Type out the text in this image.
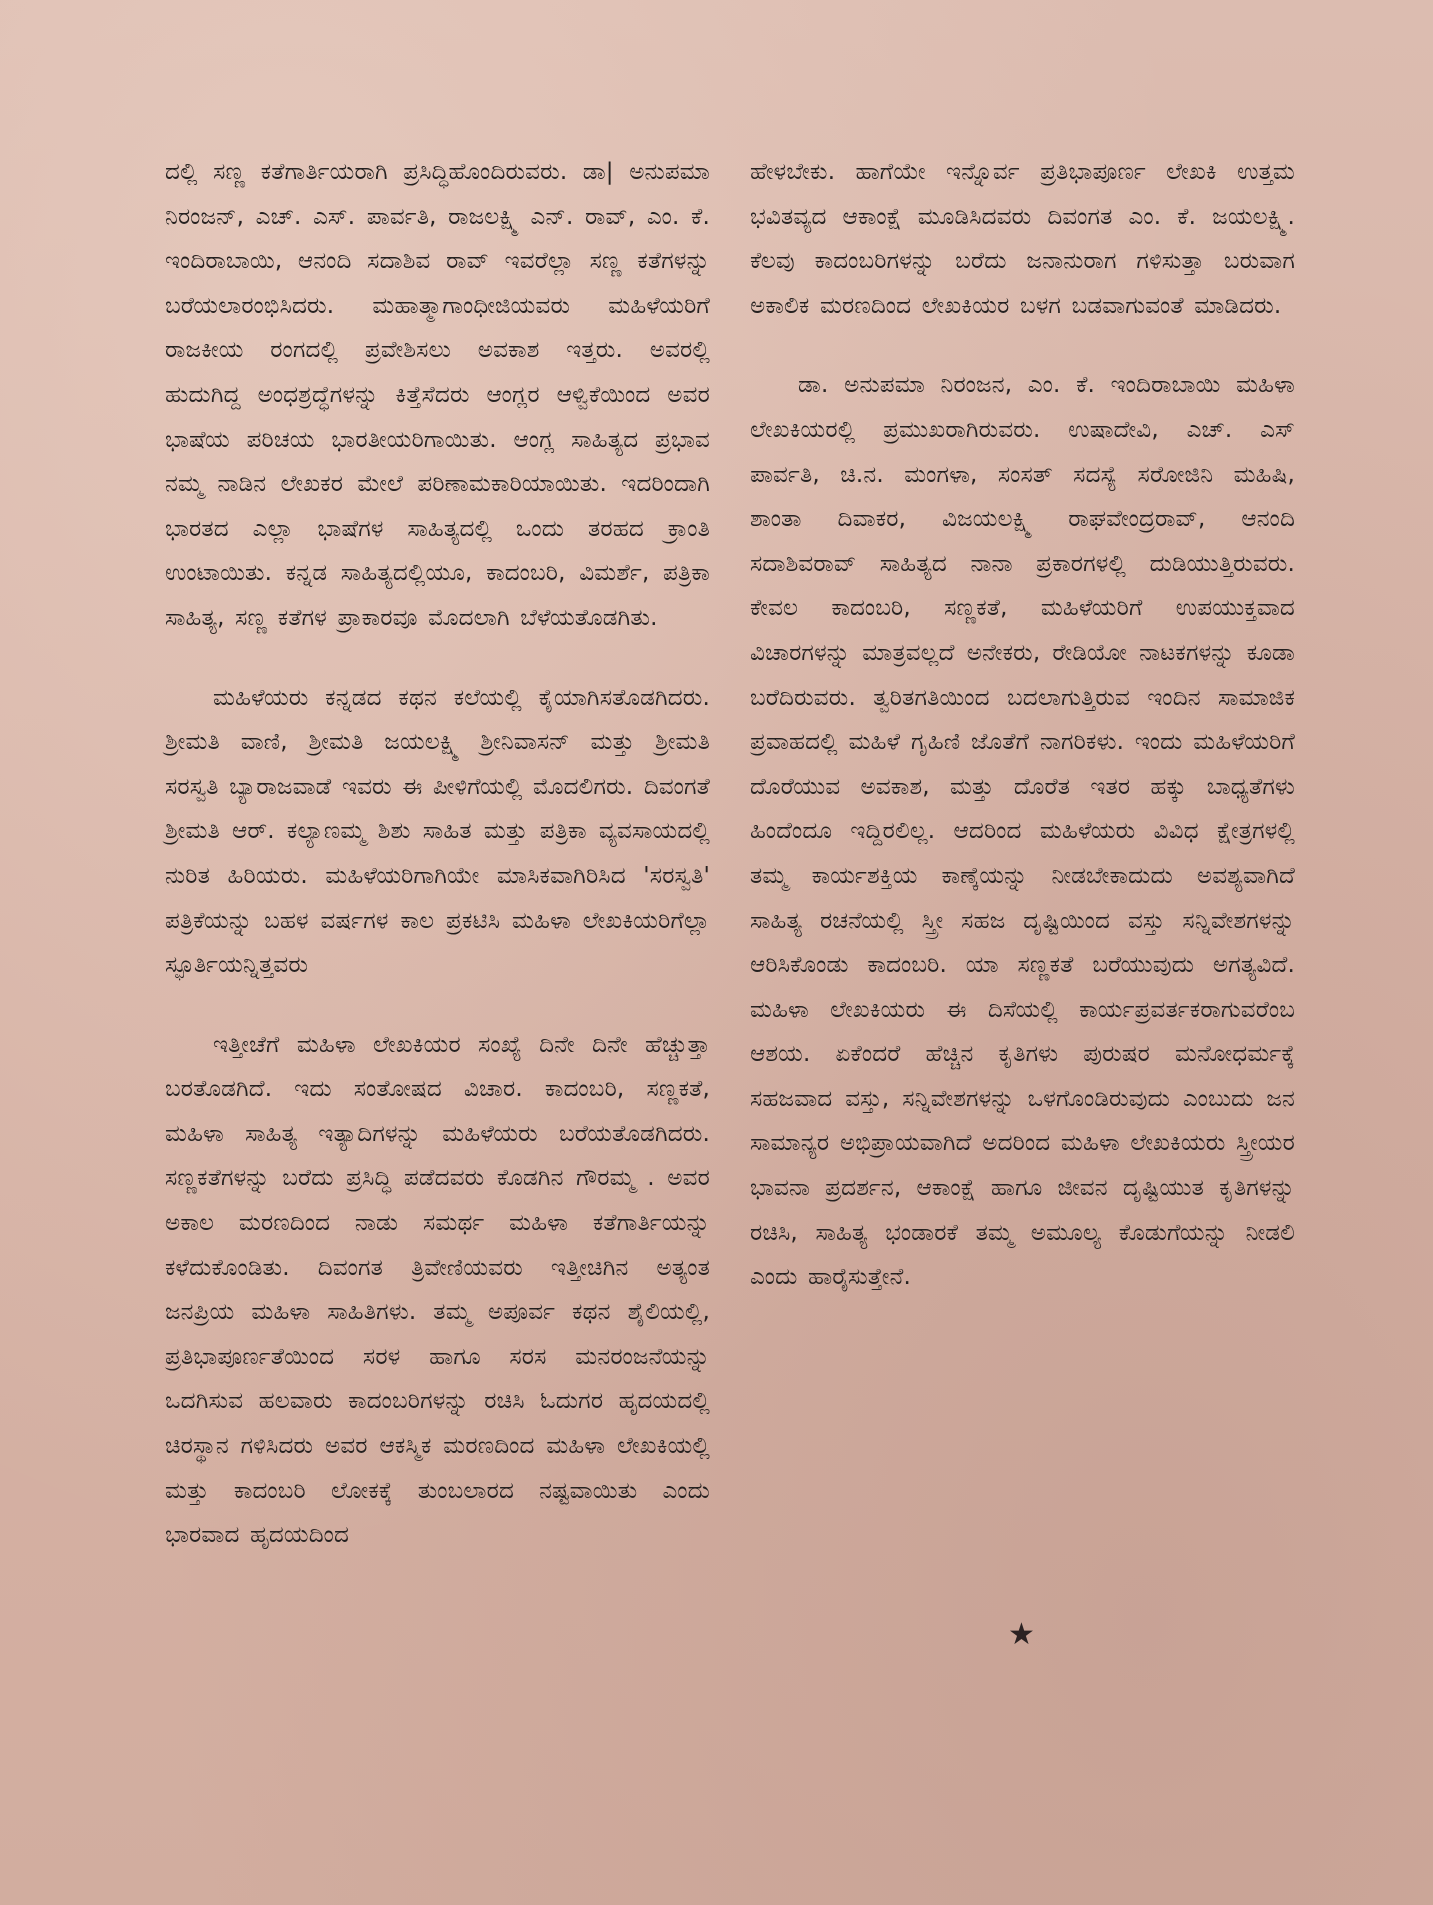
ದಲ್ಲಿ ಸಣ್ಣ ಕತೆಗಾರ್ತಿಯರಾಗಿ ಪ್ರಸಿದ್ಧಿಹೊಂದಿರುವರು. ಡಾ| ಅನುಪಮಾ ನಿರಂಜನ್, ಎಚ್. ಎಸ್. ಪಾರ್ವತಿ, ರಾಜಲಕ್ಷ್ಮಿ ಎನ್. ರಾವ್, ಎಂ. ಕೆ. ಇಂದಿರಾಬಾಯಿ, ಆನಂದಿ ಸದಾಶಿವ ರಾವ್ ಇವರೆಲ್ಲಾ ಸಣ್ಣ ಕತೆಗಳನ್ನು ಬರೆಯಲಾರಂಭಿಸಿದರು. ಮಹಾತ್ಮಾಗಾಂಧೀಜಿಯವರು ಮಹಿಳೆಯರಿಗೆ ರಾಜಕೀಯ ರಂಗದಲ್ಲಿ ಪ್ರವೇಶಿಸಲು ಅವಕಾಶ ಇತ್ತರು. ಅವರಲ್ಲಿ ಹುದುಗಿದ್ದ ಅಂಧಶ್ರದ್ಧೆಗಳನ್ನು ಕಿತ್ತೆಸೆದರು ಆಂಗ್ಲರ ಆಳ್ವಿಕೆಯಿಂದ ಅವರ ಭಾಷೆಯ ಪರಿಚಯ ಭಾರತೀಯರಿಗಾಯಿತು. ಆಂಗ್ಲ ಸಾಹಿತ್ಯದ ಪ್ರಭಾವ ನಮ್ಮ ನಾಡಿನ ಲೇಖಕರ ಮೇಲೆ ಪರಿಣಾಮಕಾರಿಯಾಯಿತು. ಇದರಿಂದಾಗಿ ಭಾರತದ ಎಲ್ಲಾ ಭಾಷೆಗಳ ಸಾಹಿತ್ಯದಲ್ಲಿ ಒಂದು ತರಹದ ಕ್ರಾಂತಿ ಉಂಟಾಯಿತು. ಕನ್ನಡ ಸಾಹಿತ್ಯದಲ್ಲಿಯೂ, ಕಾದಂಬರಿ, ವಿಮರ್ಶೆ, ಪತ್ರಿಕಾ ಸಾಹಿತ್ಯ, ಸಣ್ಣ ಕತೆಗಳ ಪ್ರಾಕಾರವೂ ಮೊದಲಾಗಿ ಬೆಳೆಯತೊಡಗಿತು.

ಮಹಿಳೆಯರು ಕನ್ನಡದ ಕಥನ ಕಲೆಯಲ್ಲಿ ಕೈಯಾಗಿಸತೊಡಗಿದರು. ಶ್ರೀಮತಿ ವಾಣಿ, ಶ್ರೀಮತಿ ಜಯಲಕ್ಷ್ಮಿ ಶ್ರೀನಿವಾಸನ್ ಮತ್ತು ಶ್ರೀಮತಿ ಸರಸ್ವತಿ ಬ್ಯಾರಾಜವಾಡೆ ಇವರು ಈ ಪೀಳಿಗೆಯಲ್ಲಿ ಮೊದಲಿಗರು. ದಿವಂಗತೆ ಶ್ರೀಮತಿ ಆರ್. ಕಲ್ಯಾಣಮ್ಮ ಶಿಶು ಸಾಹಿತ ಮತ್ತು ಪತ್ರಿಕಾ ವ್ಯವಸಾಯದಲ್ಲಿ ನುರಿತ ಹಿರಿಯರು. ಮಹಿಳೆಯರಿಗಾಗಿಯೇ ಮಾಸಿಕವಾಗಿರಿಸಿದ 'ಸರಸ್ವತಿ' ಪತ್ರಿಕೆಯನ್ನು ಬಹಳ ವರ್ಷಗಳ ಕಾಲ ಪ್ರಕಟಿಸಿ ಮಹಿಳಾ ಲೇಖಕಿಯರಿಗೆಲ್ಲಾ ಸ್ಫೂರ್ತಿಯನ್ನಿತ್ತವರು

ಇತ್ತೀಚೆಗೆ ಮಹಿಳಾ ಲೇಖಕಿಯರ ಸಂಖ್ಯೆ ದಿನೇ ದಿನೇ ಹೆಚ್ಚುತ್ತಾ ಬರತೊಡಗಿದೆ. ಇದು ಸಂತೋಷದ ವಿಚಾರ. ಕಾದಂಬರಿ, ಸಣ್ಣಕತೆ, ಮಹಿಳಾ ಸಾಹಿತ್ಯ ಇತ್ಯಾದಿಗಳನ್ನು ಮಹಿಳೆಯರು ಬರೆಯತೊಡಗಿದರು. ಸಣ್ಣಕತೆಗಳನ್ನು ಬರೆದು ಪ್ರಸಿದ್ಧಿ ಪಡೆದವರು ಕೊಡಗಿನ ಗೌರಮ್ಮ . ಅವರ ಅಕಾಲ ಮರಣದಿಂದ ನಾಡು ಸಮರ್ಥ ಮಹಿಳಾ ಕತೆಗಾರ್ತಿಯನ್ನು ಕಳೆದುಕೊಂಡಿತು. ದಿವಂಗತ ತ್ರಿವೇಣಿಯವರು ಇತ್ತೀಚಿಗಿನ ಅತ್ಯಂತ ಜನಪ್ರಿಯ ಮಹಿಳಾ ಸಾಹಿತಿಗಳು. ತಮ್ಮ ಅಪೂರ್ವ ಕಥನ ಶೈಲಿಯಲ್ಲಿ, ಪ್ರತಿಭಾಪೂರ್ಣತೆಯಿಂದ ಸರಳ ಹಾಗೂ ಸರಸ ಮನರಂಜನೆಯನ್ನು ಒದಗಿಸುವ ಹಲವಾರು ಕಾದಂಬರಿಗಳನ್ನು ರಚಿಸಿ ಓದುಗರ ಹೃದಯದಲ್ಲಿ ಚಿರಸ್ಥಾನ ಗಳಿಸಿದರು ಅವರ ಆಕಸ್ಮಿಕ ಮರಣದಿಂದ ಮಹಿಳಾ ಲೇಖಕಿಯಲ್ಲಿ ಮತ್ತು ಕಾದಂಬರಿ ಲೋಕಕ್ಕೆ ತುಂಬಲಾರದ ನಷ್ಟವಾಯಿತು ಎಂದು ಭಾರವಾದ ಹೃದಯದಿಂದ

ಹೇಳಬೇಕು. ಹಾಗೆಯೇ ಇನ್ನೊರ್ವ ಪ್ರತಿಭಾಪೂರ್ಣ ಲೇಖಕಿ ಉತ್ತಮ ಭವಿತವ್ಯದ ಆಕಾಂಕ್ಷೆ ಮೂಡಿಸಿದವರು ದಿವಂಗತ ಎಂ. ಕೆ. ಜಯಲಕ್ಷ್ಮಿ. ಕೆಲವು ಕಾದಂಬರಿಗಳನ್ನು ಬರೆದು ಜನಾನುರಾಗ ಗಳಿಸುತ್ತಾ ಬರುವಾಗ ಅಕಾಲಿಕ ಮರಣದಿಂದ ಲೇಖಕಿಯರ ಬಳಗ ಬಡವಾಗುವಂತೆ ಮಾಡಿದರು.

ಡಾ. ಅನುಪಮಾ ನಿರಂಜನ, ಎಂ. ಕೆ. ಇಂದಿರಾಬಾಯಿ ಮಹಿಳಾ ಲೇಖಕಿಯರಲ್ಲಿ ಪ್ರಮುಖರಾಗಿರುವರು. ಉಷಾದೇವಿ, ಎಚ್. ಎಸ್ ಪಾರ್ವತಿ, ಚಿ.ನ. ಮಂಗಳಾ, ಸಂಸತ್ ಸದಸ್ಯೆ ಸರೋಜಿನಿ ಮಹಿಷಿ, ಶಾಂತಾ ದಿವಾಕರ, ವಿಜಯಲಕ್ಷ್ಮಿ ರಾಘವೇಂದ್ರರಾವ್, ಆನಂದಿ ಸದಾಶಿವರಾವ್ ಸಾಹಿತ್ಯದ ನಾನಾ ಪ್ರಕಾರಗಳಲ್ಲಿ ದುಡಿಯುತ್ತಿರುವರು. ಕೇವಲ ಕಾದಂಬರಿ, ಸಣ್ಣಕತೆ, ಮಹಿಳೆಯರಿಗೆ ಉಪಯುಕ್ತವಾದ ವಿಚಾರಗಳನ್ನು ಮಾತ್ರವಲ್ಲದೆ ಅನೇಕರು, ರೇಡಿಯೋ ನಾಟಕಗಳನ್ನು ಕೂಡಾ ಬರೆದಿರುವರು. ತ್ವರಿತಗತಿಯಿಂದ ಬದಲಾಗುತ್ತಿರುವ ಇಂದಿನ ಸಾಮಾಜಿಕ ಪ್ರವಾಹದಲ್ಲಿ ಮಹಿಳೆ ಗೃಹಿಣಿ ಜೊತೆಗೆ ನಾಗರಿಕಳು. ಇಂದು ಮಹಿಳೆಯರಿಗೆ ದೊರೆಯುವ ಅವಕಾಶ, ಮತ್ತು ದೊರೆತ ಇತರ ಹಕ್ಕು ಬಾಧ್ಯತೆಗಳು ಹಿಂದೆಂದೂ ಇದ್ದಿರಲಿಲ್ಲ. ಆದರಿಂದ ಮಹಿಳೆಯರು ವಿವಿಧ ಕ್ಷೇತ್ರಗಳಲ್ಲಿ ತಮ್ಮ ಕಾರ್ಯಶಕ್ತಿಯ ಕಾಣ್ಕೆಯನ್ನು ನೀಡಬೇಕಾದುದು ಅವಶ್ಯವಾಗಿದೆ ಸಾಹಿತ್ಯ ರಚನೆಯಲ್ಲಿ ಸ್ತ್ರೀ ಸಹಜ ದೃಷ್ಟಿಯಿಂದ ವಸ್ತು ಸನ್ನಿವೇಶಗಳನ್ನು ಆರಿಸಿಕೊಂಡು ಕಾದಂಬರಿ. ಯಾ ಸಣ್ಣಕತೆ ಬರೆಯುವುದು ಅಗತ್ಯವಿದೆ. ಮಹಿಳಾ ಲೇಖಕಿಯರು ಈ ದಿಸೆಯಲ್ಲಿ ಕಾರ್ಯಪ್ರವರ್ತಕರಾಗುವರೆಂಬ ಆಶಯ. ಏಕೆಂದರೆ ಹೆಚ್ಚಿನ ಕೃತಿಗಳು ಪುರುಷರ ಮನೋಧರ್ಮಕ್ಕೆ ಸಹಜವಾದ ವಸ್ತು, ಸನ್ನಿವೇಶಗಳನ್ನು ಒಳಗೊಂಡಿರುವುದು ಎಂಬುದು ಜನ ಸಾಮಾನ್ಯರ ಅಭಿಪ್ರಾಯವಾಗಿದೆ ಅದರಿಂದ ಮಹಿಳಾ ಲೇಖಕಿಯರು ಸ್ತ್ರೀಯರ ಭಾವನಾ ಪ್ರದರ್ಶನ, ಆಕಾಂಕ್ಷೆ ಹಾಗೂ ಜೀವನ ದೃಷ್ಟಿಯುತ ಕೃತಿಗಳನ್ನು ರಚಿಸಿ, ಸಾಹಿತ್ಯ ಭಂಡಾರಕೆ ತಮ್ಮ ಅಮೂಲ್ಯ ಕೊಡುಗೆಯನ್ನು ನೀಡಲಿ ಎಂದು ಹಾರೈಸುತ್ತೇನೆ.

★
